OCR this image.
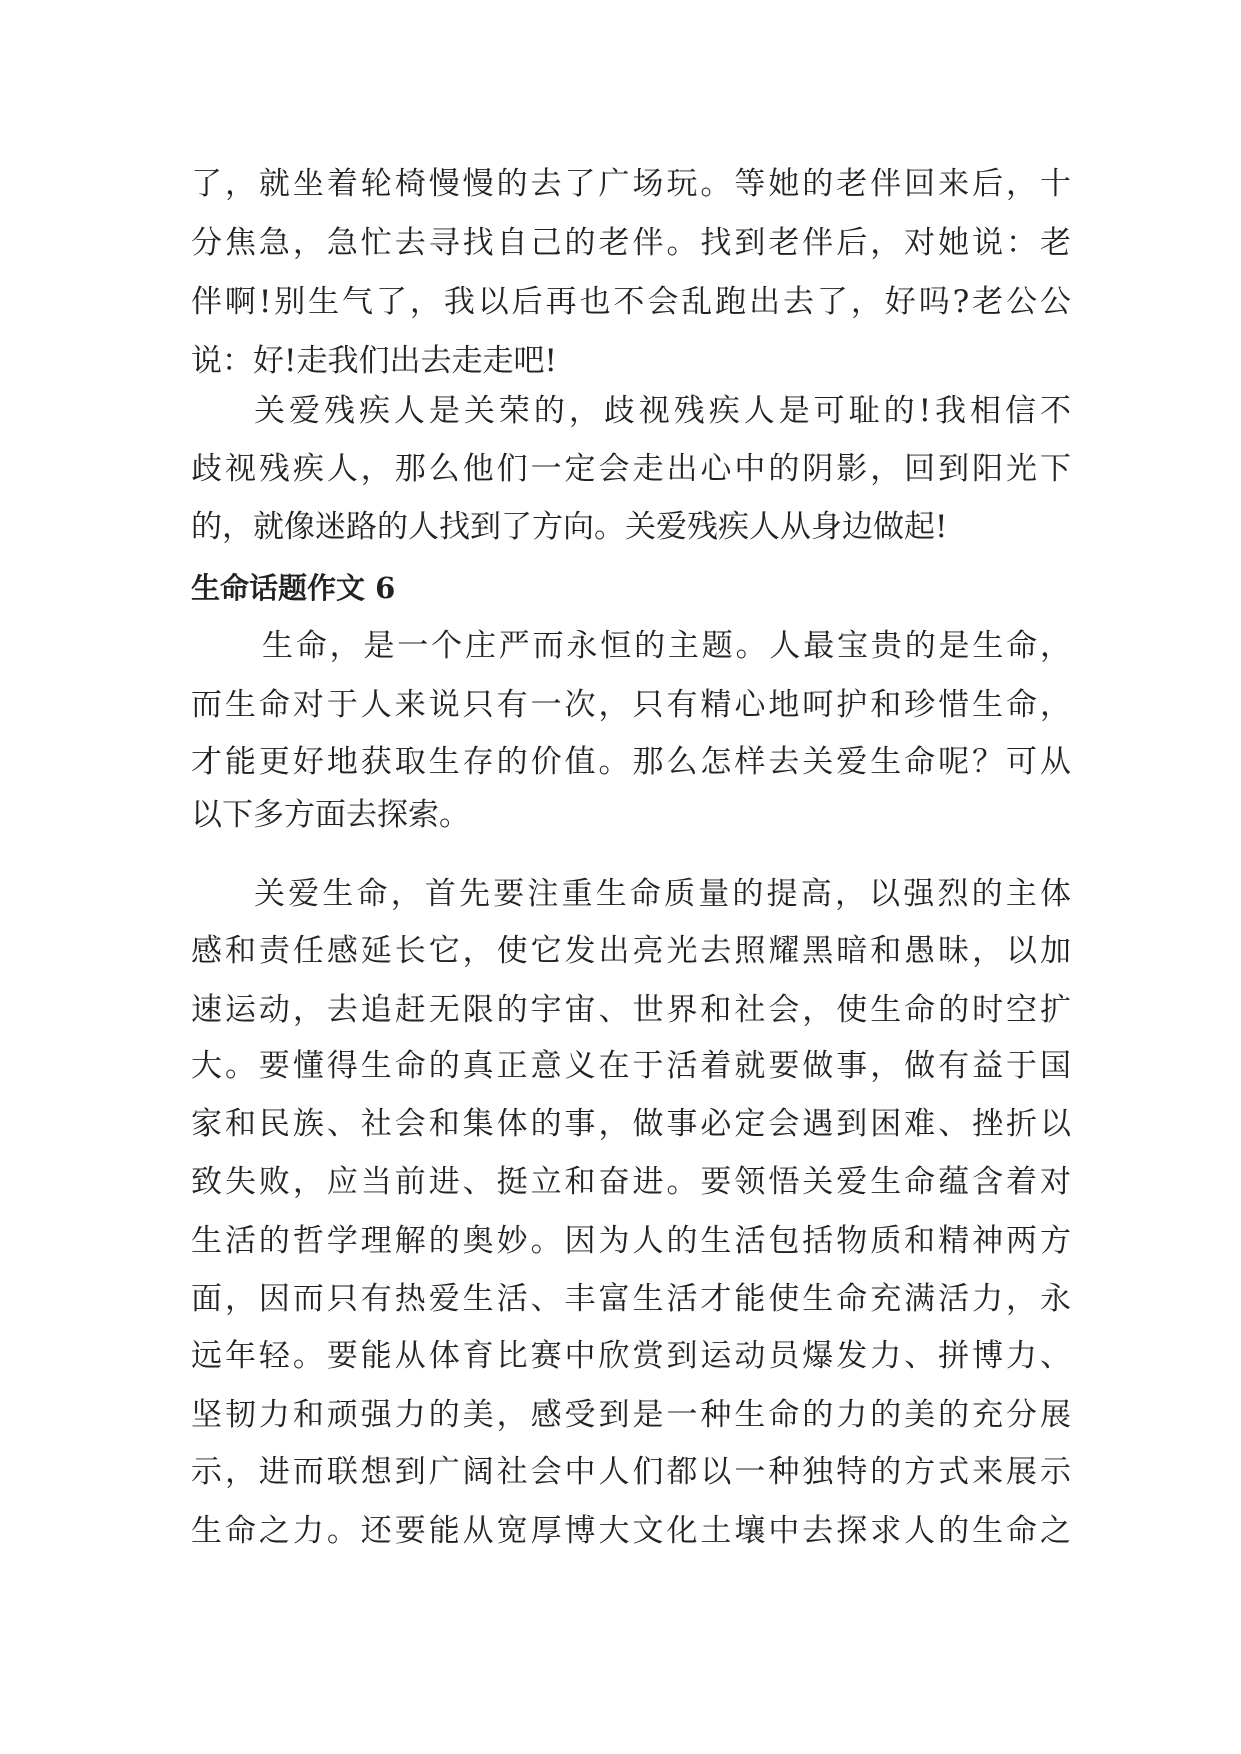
了，就坐着轮椅慢慢的去了广场玩。等她的老伴回来后，十

分焦急，急忙去寻找自己的老伴。找到老伴后，对她说：老

伴啊!别生气了，我以后再也不会乱跑出去了，好吗?老公公

说：好!走我们出去走走吧!

关爱残疾人是关荣的，歧视残疾人是可耻的!我相信不

歧视残疾人，那么他们一定会走出心中的阴影，回到阳光下

的，就像迷路的人找到了方向。关爱残疾人从身边做起!

生命话题作文 6

生命，是一个庄严而永恒的主题。人最宝贵的是生命，

而生命对于人来说只有一次，只有精心地呵护和珍惜生命，

才能更好地获取生存的价值。那么怎样去关爱生命呢？可从

以下多方面去探索。

关爱生命，首先要注重生命质量的提高，以强烈的主体

感和责任感延长它，使它发出亮光去照耀黑暗和愚昧，以加

速运动，去追赶无限的宇宙、世界和社会，使生命的时空扩

大。要懂得生命的真正意义在于活着就要做事，做有益于国

家和民族、社会和集体的事，做事必定会遇到困难、挫折以

致失败，应当前进、挺立和奋进。要领悟关爱生命蕴含着对

生活的哲学理解的奥妙。因为人的生活包括物质和精神两方

面，因而只有热爱生活、丰富生活才能使生命充满活力，永

远年轻。要能从体育比赛中欣赏到运动员爆发力、拼博力、

坚韧力和顽强力的美，感受到是一种生命的力的美的充分展

示，进而联想到广阔社会中人们都以一种独特的方式来展示

生命之力。还要能从宽厚博大文化土壤中去探求人的生命之
